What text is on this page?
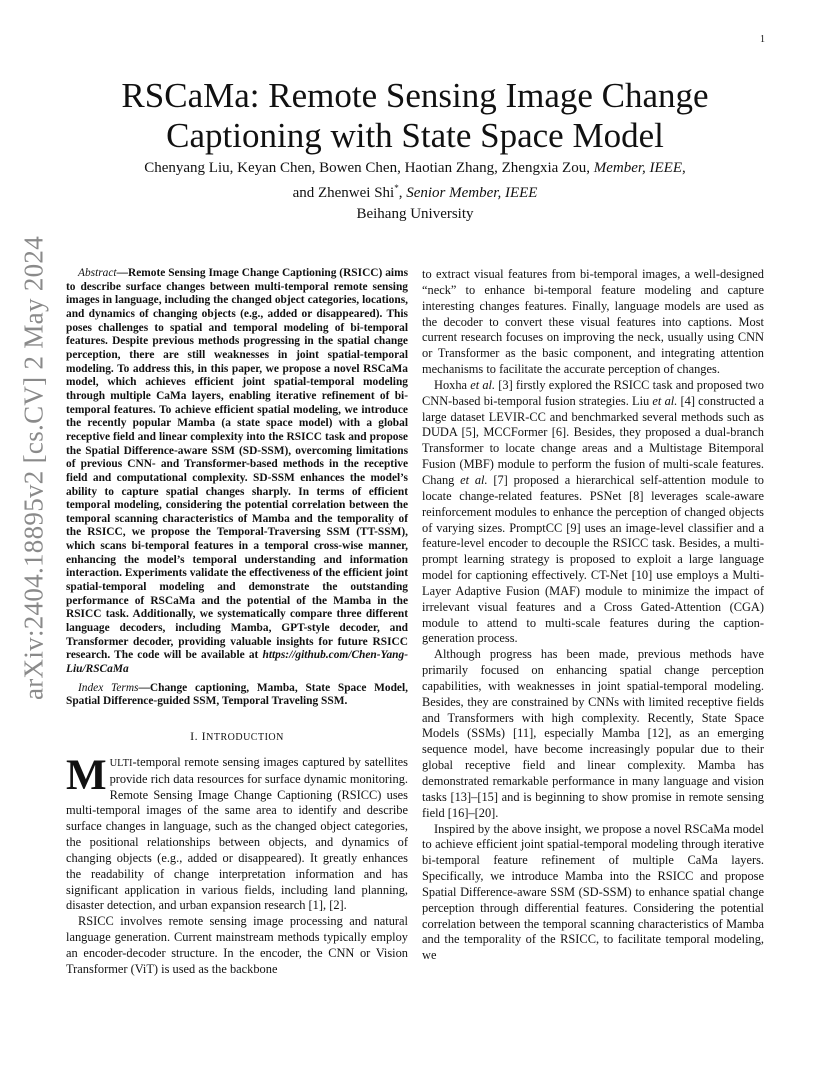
1
arXiv:2404.18895v2 [cs.CV] 2 May 2024
RSCaMa: Remote Sensing Image Change
Captioning with State Space Model
Chenyang Liu, Keyan Chen, Bowen Chen, Haotian Zhang, Zhengxia Zou, Member, IEEE,
and Zhenwei Shi*, Senior Member, IEEE
Beihang University

Abstract—Remote Sensing Image Change Captioning (RSICC) aims to describe surface changes between multi-temporal remote sensing images in language, including the changed object categories, locations, and dynamics of changing objects (e.g., added or disappeared). This poses challenges to spatial and temporal modeling of bi-temporal features. Despite previous methods progressing in the spatial change perception, there are still weaknesses in joint spatial-temporal modeling. To address this, in this paper, we propose a novel RSCaMa model, which achieves efficient joint spatial-temporal modeling through multiple CaMa layers, enabling iterative refinement of bi-temporal features. To achieve efficient spatial modeling, we introduce the recently popular Mamba (a state space model) with a global receptive field and linear complexity into the RSICC task and propose the Spatial Difference-aware SSM (SD-SSM), overcoming limitations of previous CNN- and Transformer-based methods in the receptive field and computational complexity. SD-SSM enhances the model’s ability to capture spatial changes sharply. In terms of efficient temporal modeling, considering the potential correlation between the temporal scanning characteristics of Mamba and the temporality of the RSICC, we propose the Temporal-Traversing SSM (TT-SSM), which scans bi-temporal features in a temporal cross-wise manner, enhancing the model’s temporal understanding and information interaction. Experiments validate the effectiveness of the efficient joint spatial-temporal modeling and demonstrate the outstanding performance of RSCaMa and the potential of the Mamba in the RSICC task. Additionally, we systematically compare three different language decoders, including Mamba, GPT-style decoder, and Transformer decoder, providing valuable insights for future RSICC research. The code will be available at https://github.com/Chen-Yang-Liu/RSCaMa

Index Terms—Change captioning, Mamba, State Space Model, Spatial Difference-guided SSM, Temporal Traveling SSM.

I. INTRODUCTION

MULTI-temporal remote sensing images captured by satellites provide rich data resources for surface dynamic monitoring. Remote Sensing Image Change Captioning (RSICC) uses multi-temporal images of the same area to identify and describe surface changes in language, such as the changed object categories, the positional relationships between objects, and dynamics of changing objects (e.g., added or disappeared). It greatly enhances the readability of change interpretation information and has significant application in various fields, including land planning, disaster detection, and urban expansion research [1], [2].

RSICC involves remote sensing image processing and natural language generation. Current mainstream methods typically employ an encoder-decoder structure. In the encoder, the CNN or Vision Transformer (ViT) is used as the backbone

to extract visual features from bi-temporal images, a well-designed “neck” to enhance bi-temporal feature modeling and capture interesting changes features. Finally, language models are used as the decoder to convert these visual features into captions. Most current research focuses on improving the neck, usually using CNN or Transformer as the basic component, and integrating attention mechanisms to facilitate the accurate perception of changes.

Hoxha et al. [3] firstly explored the RSICC task and proposed two CNN-based bi-temporal fusion strategies. Liu et al. [4] constructed a large dataset LEVIR-CC and benchmarked several methods such as DUDA [5], MCCFormer [6]. Besides, they proposed a dual-branch Transformer to locate change areas and a Multistage Bitemporal Fusion (MBF) module to perform the fusion of multi-scale features. Chang et al. [7] proposed a hierarchical self-attention module to locate change-related features. PSNet [8] leverages scale-aware reinforcement modules to enhance the perception of changed objects of varying sizes. PromptCC [9] uses an image-level classifier and a feature-level encoder to decouple the RSICC task. Besides, a multi-prompt learning strategy is proposed to exploit a large language model for captioning effectively. CT-Net [10] use employs a Multi-Layer Adaptive Fusion (MAF) module to minimize the impact of irrelevant visual features and a Cross Gated-Attention (CGA) module to attend to multi-scale features during the caption-generation process.

Although progress has been made, previous methods have primarily focused on enhancing spatial change perception capabilities, with weaknesses in joint spatial-temporal modeling. Besides, they are constrained by CNNs with limited receptive fields and Transformers with high complexity. Recently, State Space Models (SSMs) [11], especially Mamba [12], as an emerging sequence model, have become increasingly popular due to their global receptive field and linear complexity. Mamba has demonstrated remarkable performance in many language and vision tasks [13]–[15] and is beginning to show promise in remote sensing field [16]–[20].

Inspired by the above insight, we propose a novel RSCaMa model to achieve efficient joint spatial-temporal modeling through iterative bi-temporal feature refinement of multiple CaMa layers. Specifically, we introduce Mamba into the RSICC and propose Spatial Difference-aware SSM (SD-SSM) to enhance spatial change perception through differential features. Considering the potential correlation between the temporal scanning characteristics of Mamba and the temporality of the RSICC, to facilitate temporal modeling, we
